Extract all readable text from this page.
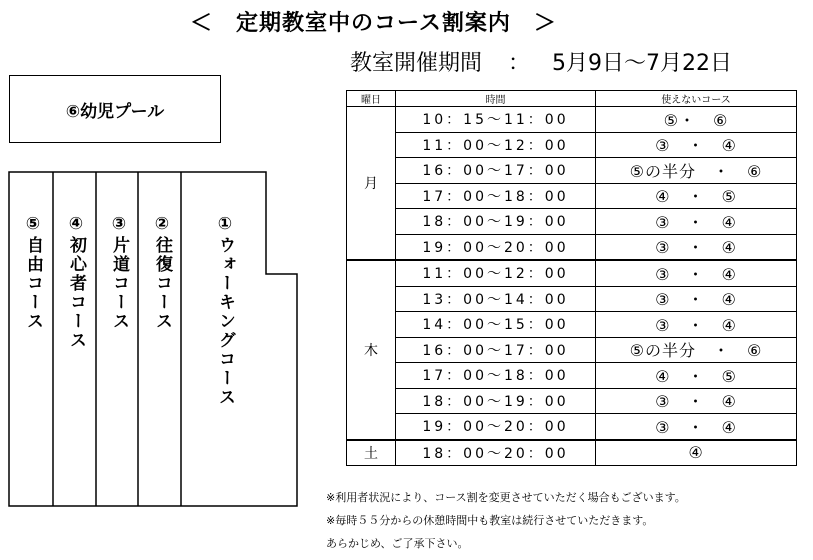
＜　定期教室中のコース割案内　＞
教室開催期間 ： 5月9日～7月22日
⑥幼児プール
⑤自由コース ④初心者コース ③片道コース ②往復コース	①ウォーキングコース
曜日	時間	使えないコース
月	10：15～11：00	⑤・　⑥
	11：00～12：00	③　・　④
	16：00～17：00	⑤の半分　・　⑥
	17：00～18：00	④　・　⑤
	18：00～19：00	③　・　④
	19：00～20：00	③　・　④
木	11：00～12：00	③　・　④
	13：00～14：00	③　・　④
	14：00～15：00	③　・　④
	16：00～17：00	⑤の半分　・　⑥
	17：00～18：00	④　・　⑤
	18：00～19：00	③　・　④
	19：00～20：00	③　・　④
土	18：00～20：00	④
※利用者状況により、コース割を変更させていただく場合もございます。
※毎時５５分からの休憩時間中も教室は続行させていただきます。
あらかじめ、ご了承下さい。
